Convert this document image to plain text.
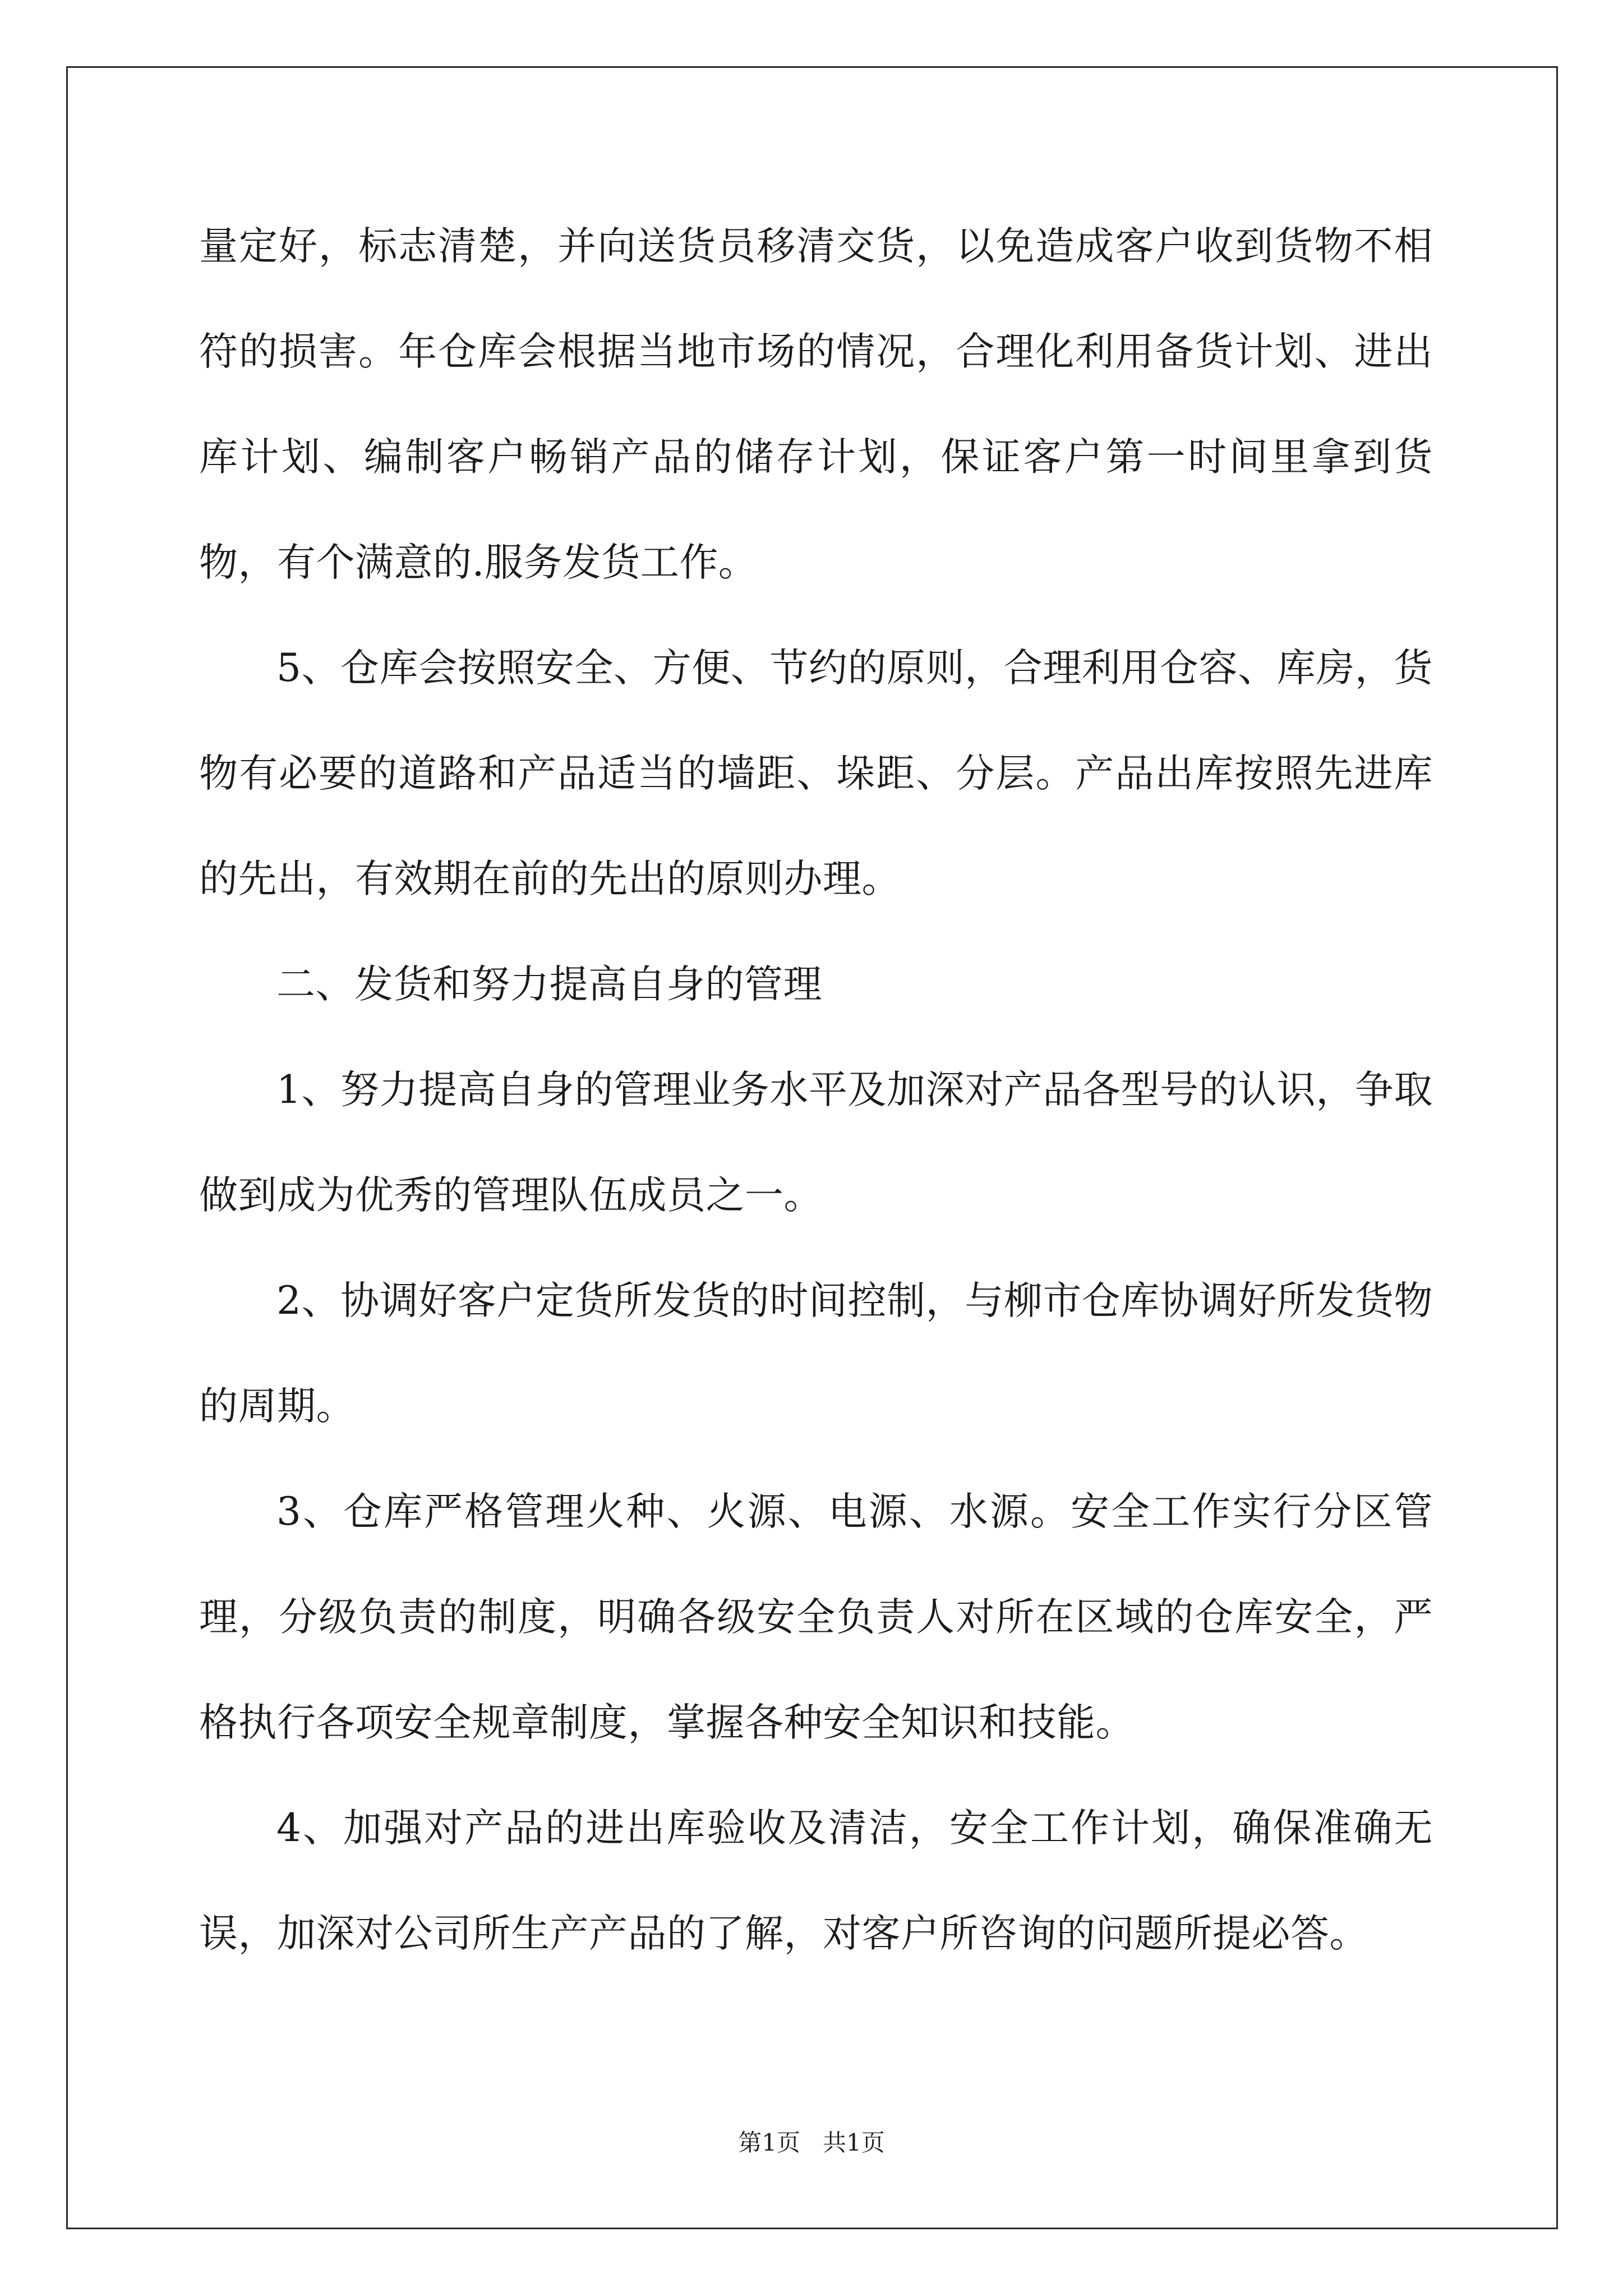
量定好，标志清楚，并向送货员移清交货，以免造成客户收到货物不相符的损害。年仓库会根据当地市场的情况，合理化利用备货计划、进出库计划、编制客户畅销产品的储存计划，保证客户第一时间里拿到货物，有个满意的.服务发货工作。

5、仓库会按照安全、方便、节约的原则，合理利用仓容、库房，货物有必要的道路和产品适当的墙距、垛距、分层。产品出库按照先进库的先出，有效期在前的先出的原则办理。

二、发货和努力提高自身的管理

1、努力提高自身的管理业务水平及加深对产品各型号的认识，争取做到成为优秀的管理队伍成员之一。

2、协调好客户定货所发货的时间控制，与柳市仓库协调好所发货物的周期。

3、仓库严格管理火种、火源、电源、水源。安全工作实行分区管理，分级负责的制度，明确各级安全负责人对所在区域的仓库安全，严格执行各项安全规章制度，掌握各种安全知识和技能。

4、加强对产品的进出库验收及清洁，安全工作计划，确保准确无误，加深对公司所生产产品的了解，对客户所咨询的问题所提必答。

第1页   共1页
